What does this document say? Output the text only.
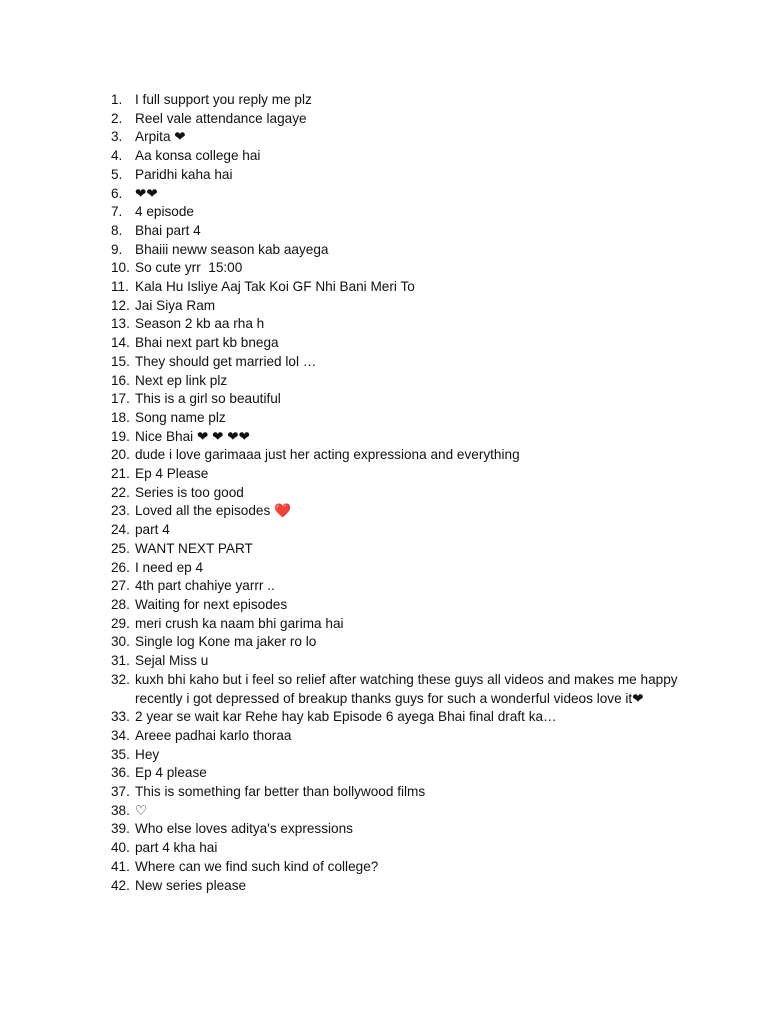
1. I full support you reply me plz
2. Reel vale attendance lagaye
3. Arpita ❤
4. Aa konsa college hai
5. Paridhi kaha hai
6. ❤❤
7. 4 episode
8. Bhai part 4
9. Bhaiii neww season kab aayega
10. So cute yrr  15:00
11. Kala Hu Isliye Aaj Tak Koi GF Nhi Bani Meri To
12. Jai Siya Ram
13. Season 2 kb aa rha h
14. Bhai next part kb bnega
15. They should get married lol …
16. Next ep link plz
17. This is a girl so beautiful
18. Song name plz
19. Nice Bhai ❤ ❤ ❤❤
20. dude i love garimaaa just her acting expressiona and everything
21. Ep 4 Please
22. Series is too good
23. Loved all the episodes ❤️
24. part 4
25. WANT NEXT PART
26. I need ep 4
27. 4th part chahiye yarrr ..
28. Waiting for next episodes
29. meri crush ka naam bhi garima hai
30. Single log Kone ma jaker ro lo
31. Sejal Miss u
32. kuxh bhi kaho but i feel so relief after watching these guys all videos and makes me happy recently i got depressed of breakup thanks guys for such a wonderful videos love it❤
33. 2 year se wait kar Rehe hay kab Episode 6 ayega Bhai final draft ka…
34. Areee padhai karlo thoraa
35. Hey
36. Ep 4 please
37. This is something far better than bollywood films
38. ♡
39. Who else loves aditya's expressions
40. part 4 kha hai
41. Where can we find such kind of college?
42. New series please
